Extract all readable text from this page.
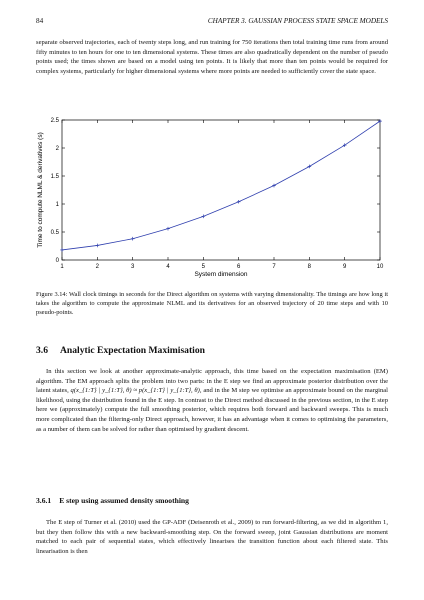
84	CHAPTER 3. GAUSSIAN PROCESS STATE SPACE MODELS

separate observed trajectories, each of twenty steps long, and run training for 750 iterations then total training time runs from around fifty minutes to ten hours for one to ten dimensional systems. These times are also quadratically dependent on the number of pseudo points used; the times shown are based on a model using ten points. It is likely that more than ten points would be required for complex systems, particularly for higher dimensional systems where more points are needed to sufficiently cover the state space.

1	2	3	4	5	6	7	8	9	10
0
0.5
1
1.5
2
2.5
System dimension
Time to compute NLML & derivatives (s)

Figure 3.14: Wall clock timings in seconds for the Direct algorithm on systems with varying dimensionality. The timings are how long it takes the algorithm to compute the approximate NLML and its derivatives for an observed trajectory of 20 time steps and with 10 pseudo-points.

3.6 Analytic Expectation Maximisation

In this section we look at another approximate-analytic approach, this time based on the expectation maximisation (EM) algorithm. The EM approach splits the problem into two parts: in the E step we find an approximate posterior distribution over the latent states, q(x_{1:T} | y_{1:T}, θ) ≈ p(x_{1:T} | y_{1:T}, θ), and in the M step we optimise an approximate bound on the marginal likelihood, using the distribution found in the E step. In contrast to the Direct method discussed in the previous section, in the E step here we (approximately) compute the full smoothing posterior, which requires both forward and backward sweeps. This is much more complicated than the filtering-only Direct approach, however, it has an advantage when it comes to optimising the parameters, as a number of them can be solved for rather than optimised by gradient descent.

3.6.1 E step using assumed density smoothing

The E step of Turner et al. (2010) used the GP-ADF (Deisenroth et al., 2009) to run forward-filtering, as we did in algorithm 1, but they then follow this with a new backward-smoothing step. On the forward sweep, joint Gaussian distributions are moment matched to each pair of sequential states, which effectively linearises the transition function about each filtered state. This linearisation is then
